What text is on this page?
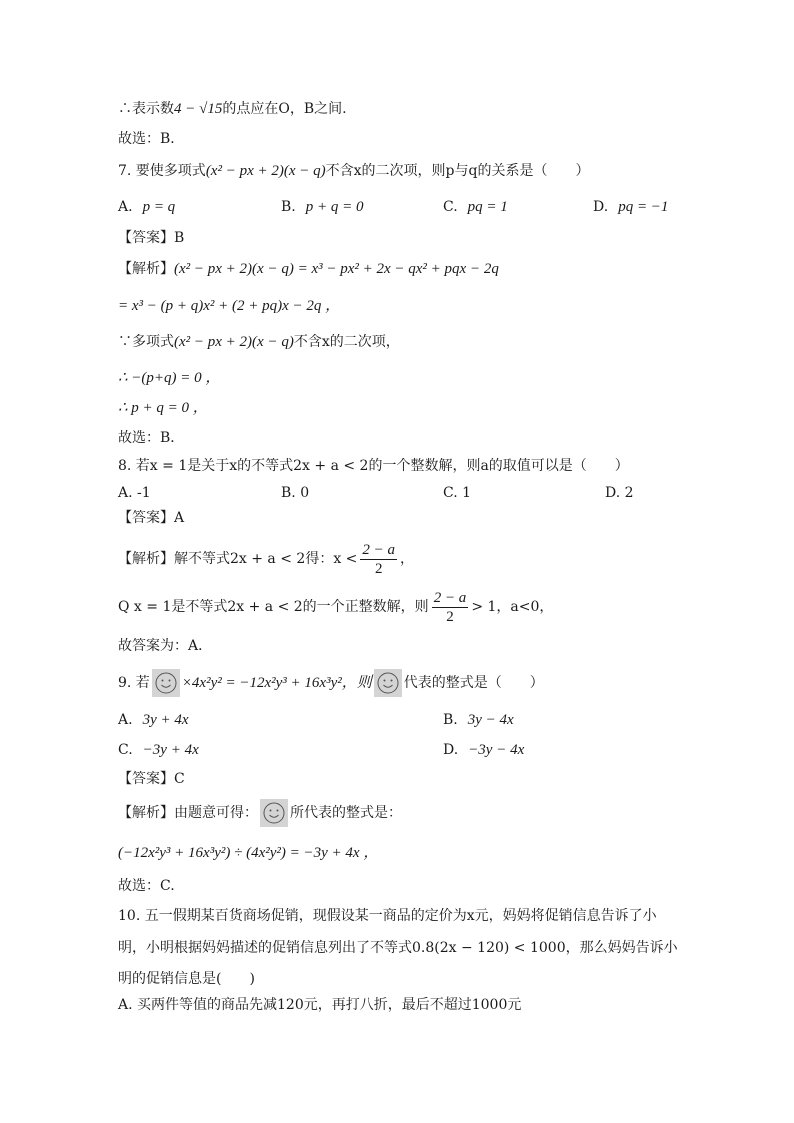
∴表示数4 − √15的点应在O，B之间.
故选：B．
7. 要使多项式(x² − px + 2)(x − q)不含x的二次项，则p与q的关系是（　　）
A. p = q	B. p + q = 0	C. pq = 1	D. pq = −1
【答案】B
【解析】(x² − px + 2)(x − q) = x³ − px² + 2x − qx² + pqx − 2q
= x³ − (p + q)x² + (2 + pq)x − 2q ，
∵多项式(x² − px + 2)(x − q)不含x的二次项，
∴ −(p+q) = 0 ，
∴ p + q = 0 ，
故选：B．
8. 若x = 1是关于x的不等式2x + a < 2的一个整数解，则a的取值可以是（　　）
A. -1	B. 0	C. 1	D. 2
【答案】A
【解析】解不等式2x + a < 2得：$x < \frac{2 - a}{2}$ ，
Q x = 1是不等式2x + a < 2的一个正整数解，则 $\frac{2 - a}{2} > 1$，a<0，
故答案为：A．
9. 若 ×4x²y² = −12x²y³ + 16x³y²，则 代表的整式是（　　）
A. 3y + 4x	B. 3y − 4x
C. −3y + 4x	D. −3y − 4x
【答案】C
【解析】由题意可得： 所代表的整式是：
(−12x²y³ + 16x³y²) ÷ (4x²y²) = −3y + 4x ，
故选：C.
10. 五一假期某百货商场促销，现假设某一商品的定价为x元，妈妈将促销信息告诉了小
明，小明根据妈妈描述的促销信息列出了不等式0.8(2x − 120) < 1000，那么妈妈告诉小
明的促销信息是(　　)
A. 买两件等值的商品先减120元，再打八折，最后不超过1000元
